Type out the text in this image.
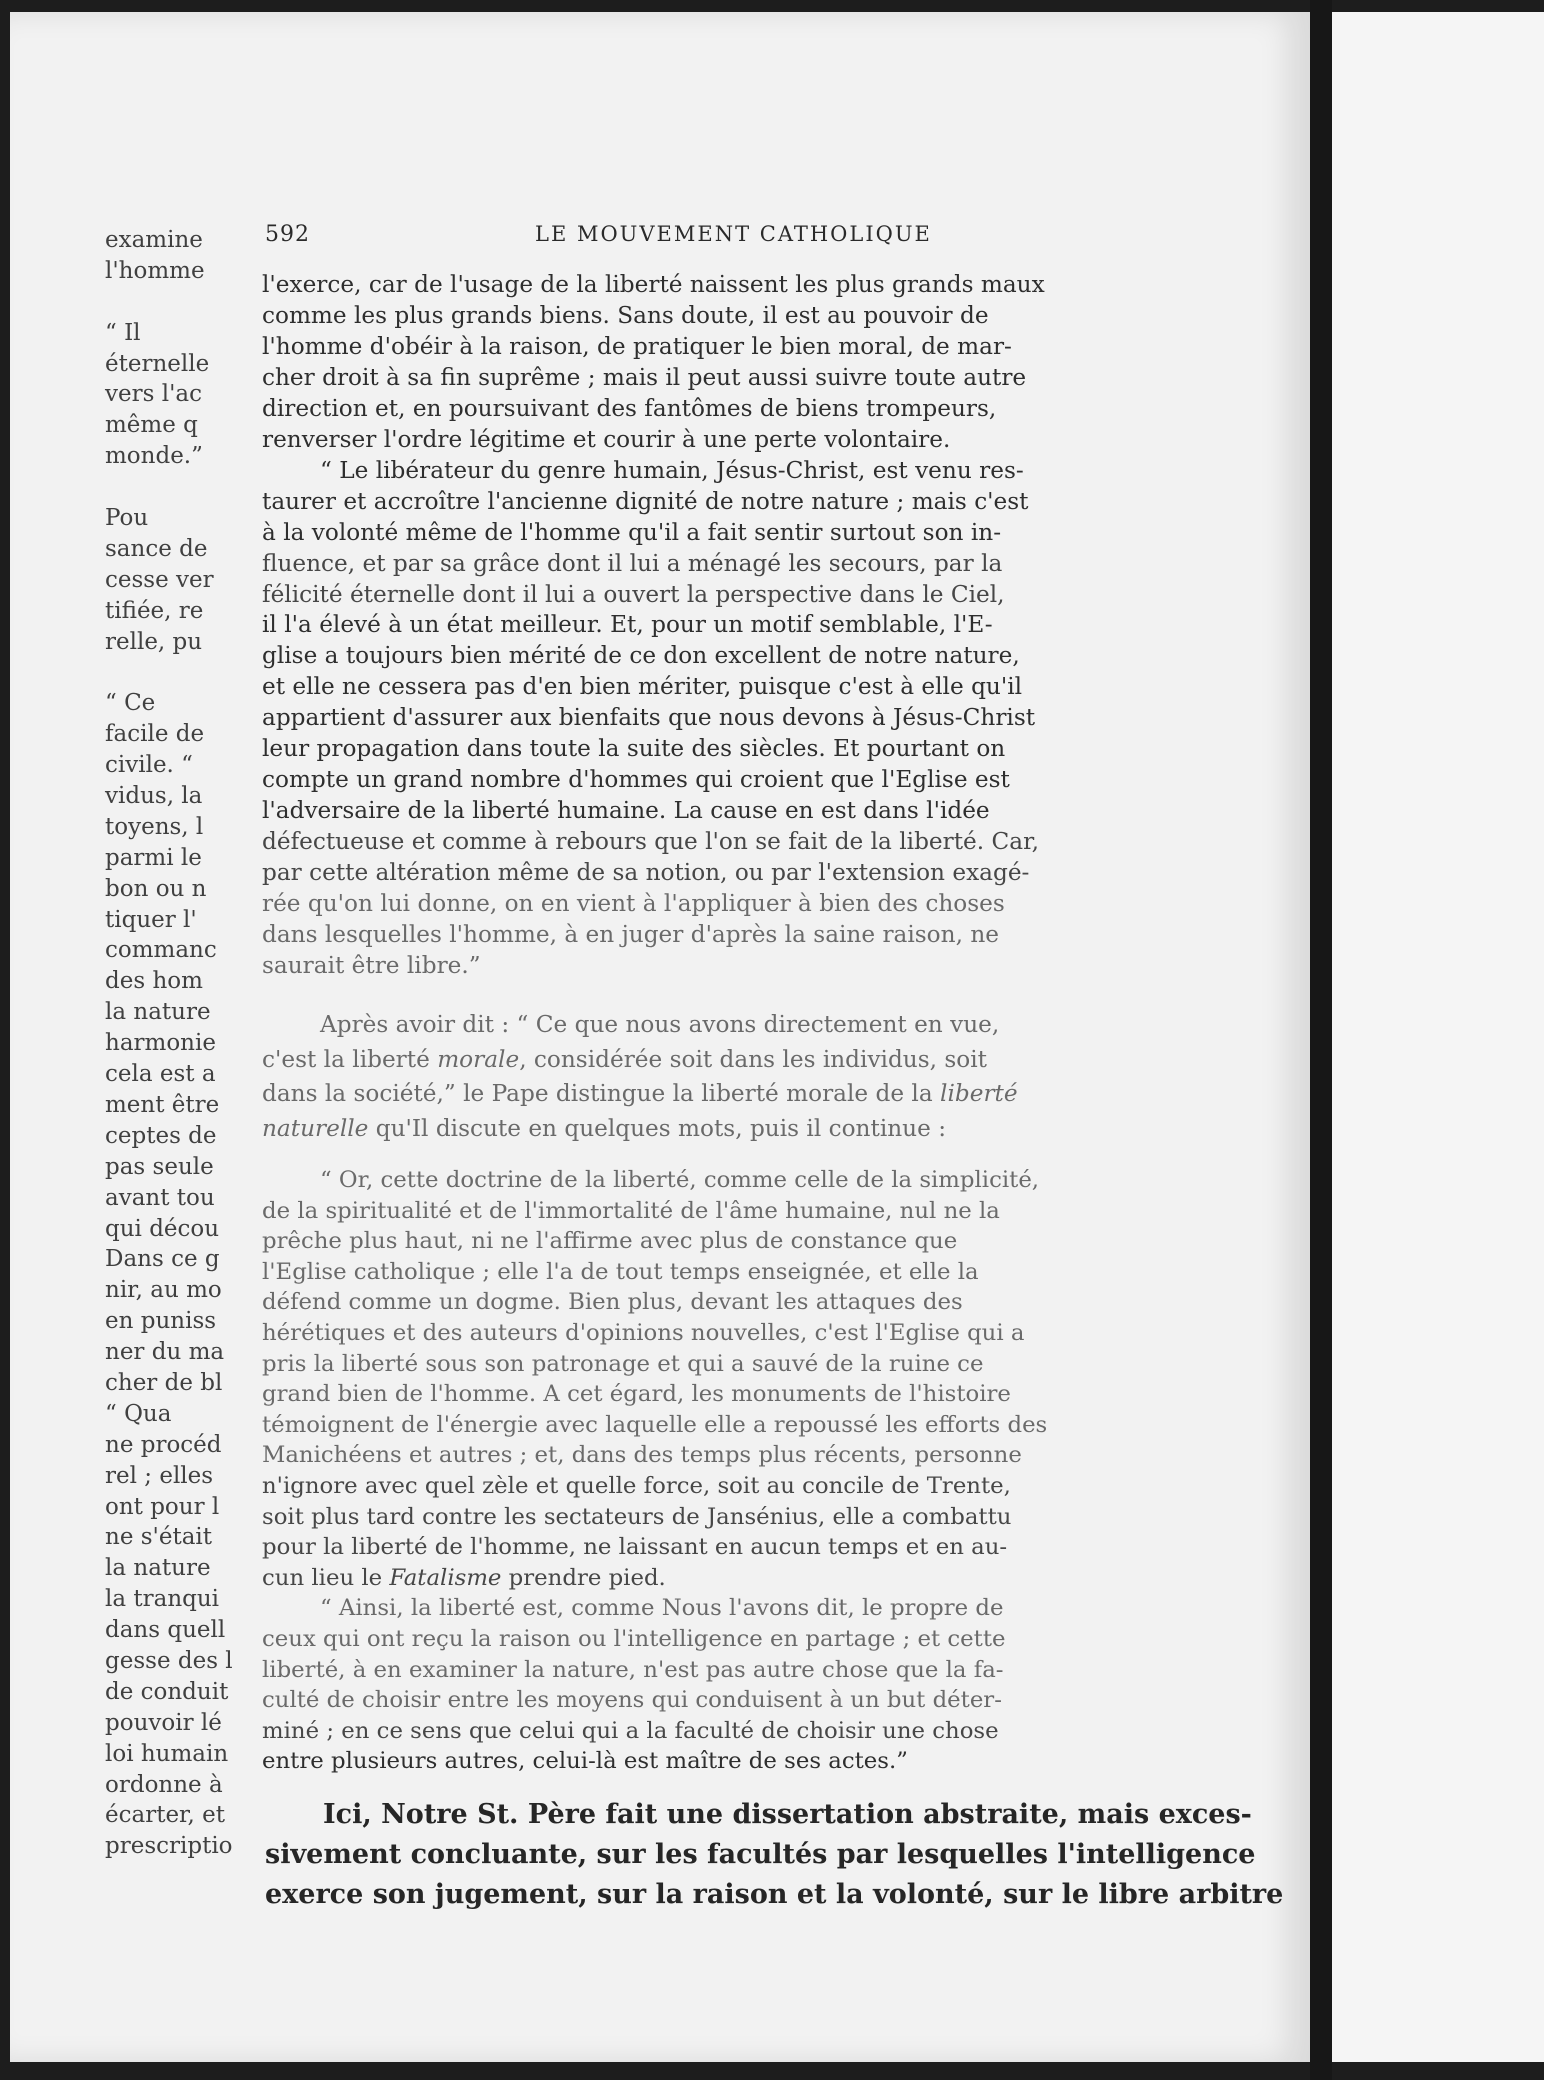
592	LE MOUVEMENT CATHOLIQUE
l'exerce, car de l'usage de la liberté naissent les plus grands maux
comme les plus grands biens. Sans doute, il est au pouvoir de
l'homme d'obéir à la raison, de pratiquer le bien moral, de mar-
cher droit à sa fin suprême ; mais il peut aussi suivre toute autre
direction et, en poursuivant des fantômes de biens trompeurs,
renverser l'ordre légitime et courir à une perte volontaire.
“ Le libérateur du genre humain, Jésus-Christ, est venu res-
taurer et accroître l'ancienne dignité de notre nature ; mais c'est
à la volonté même de l'homme qu'il a fait sentir surtout son in-
fluence, et par sa grâce dont il lui a ménagé les secours, par la
félicité éternelle dont il lui a ouvert la perspective dans le Ciel,
il l'a élevé à un état meilleur. Et, pour un motif semblable, l'E-
glise a toujours bien mérité de ce don excellent de notre nature,
et elle ne cessera pas d'en bien mériter, puisque c'est à elle qu'il
appartient d'assurer aux bienfaits que nous devons à Jésus-Christ
leur propagation dans toute la suite des siècles. Et pourtant on
compte un grand nombre d'hommes qui croient que l'Eglise est
l'adversaire de la liberté humaine. La cause en est dans l'idée
défectueuse et comme à rebours que l'on se fait de la liberté. Car,
par cette altération même de sa notion, ou par l'extension exagé-
rée qu'on lui donne, on en vient à l'appliquer à bien des choses
dans lesquelles l'homme, à en juger d'après la saine raison, ne
saurait être libre.”
Après avoir dit : “ Ce que nous avons directement en vue,
c'est la liberté morale, considérée soit dans les individus, soit
dans la société,” le Pape distingue la liberté morale de la liberté
naturelle qu'Il discute en quelques mots, puis il continue :
“ Or, cette doctrine de la liberté, comme celle de la simplicité,
de la spiritualité et de l'immortalité de l'âme humaine, nul ne la
prêche plus haut, ni ne l'affirme avec plus de constance que
l'Eglise catholique ; elle l'a de tout temps enseignée, et elle la
défend comme un dogme. Bien plus, devant les attaques des
hérétiques et des auteurs d'opinions nouvelles, c'est l'Eglise qui a
pris la liberté sous son patronage et qui a sauvé de la ruine ce
grand bien de l'homme. A cet égard, les monuments de l'histoire
témoignent de l'énergie avec laquelle elle a repoussé les efforts des
Manichéens et autres ; et, dans des temps plus récents, personne
n'ignore avec quel zèle et quelle force, soit au concile de Trente,
soit plus tard contre les sectateurs de Jansénius, elle a combattu
pour la liberté de l'homme, ne laissant en aucun temps et en au-
cun lieu le Fatalisme prendre pied.
“ Ainsi, la liberté est, comme Nous l'avons dit, le propre de
ceux qui ont reçu la raison ou l'intelligence en partage ; et cette
liberté, à en examiner la nature, n'est pas autre chose que la fa-
culté de choisir entre les moyens qui conduisent à un but déter-
miné ; en ce sens que celui qui a la faculté de choisir une chose
entre plusieurs autres, celui-là est maître de ses actes.”
Ici, Notre St. Père fait une dissertation abstraite, mais exces-
sivement concluante, sur les facultés par lesquelles l'intelligence
exerce son jugement, sur la raison et la volonté, sur le libre arbitre
examine
l'homme
“ Il
éternelle
vers l'ac
même q
monde.”
Pou
sance de
cesse ver
tifiée, re
relle, pu
“ Ce
facile de
civile. “
vidus, la
toyens, l
parmi le
bon ou n
tiquer l'
commanc
des hom
la nature
harmonie
cela est a
ment être
ceptes de
pas seule
avant tou
qui décou
Dans ce g
nir, au mo
en puniss
ner du ma
cher de bl
“ Qua
ne procéd
rel ; elles
ont pour l
ne s'était
la nature
la tranqui
dans quell
gesse des l
de conduit
pouvoir lé
loi humain
ordonne à
écarter, et
prescriptio
